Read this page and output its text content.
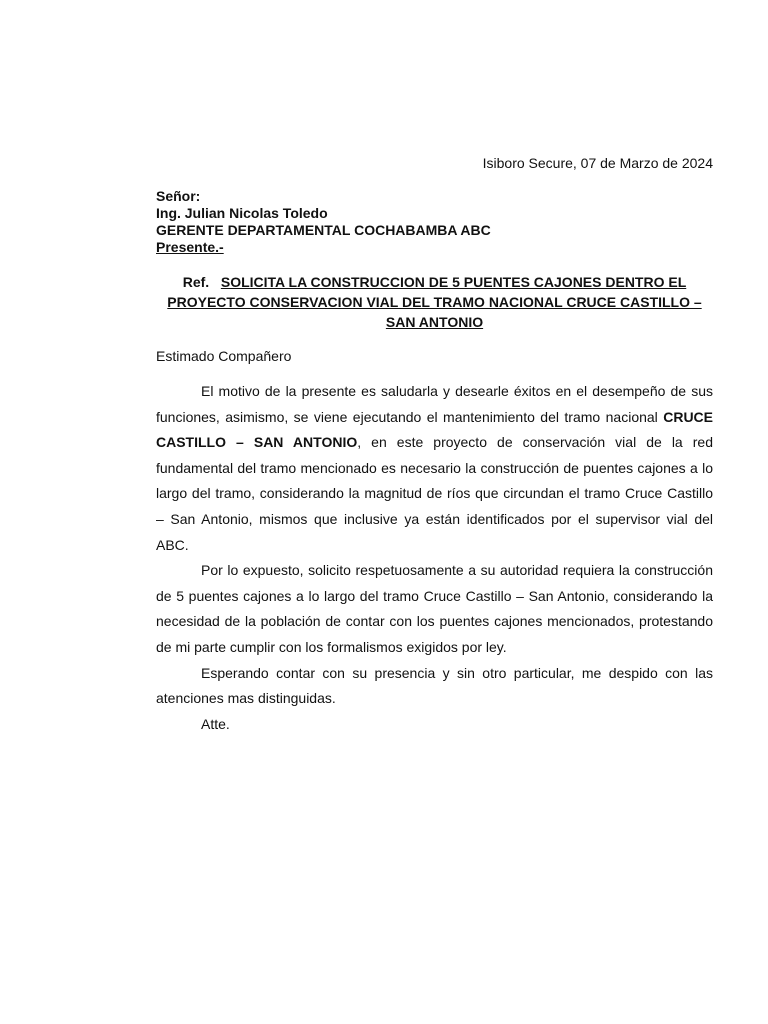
Isiboro Secure, 07 de Marzo de 2024
Señor:
Ing. Julian Nicolas Toledo
GERENTE DEPARTAMENTAL COCHABAMBA ABC
Presente.-
Ref. SOLICITA LA CONSTRUCCION DE 5 PUENTES CAJONES DENTRO EL PROYECTO CONSERVACION VIAL DEL TRAMO NACIONAL CRUCE CASTILLO – SAN ANTONIO
Estimado Compañero

El motivo de la presente es saludarla y desearle éxitos en el desempeño de sus funciones, asimismo, se viene ejecutando el mantenimiento del tramo nacional CRUCE CASTILLO – SAN ANTONIO, en este proyecto de conservación vial de la red fundamental del tramo mencionado es necesario la construcción de puentes cajones a lo largo del tramo, considerando la magnitud de ríos que circundan el tramo Cruce Castillo – San Antonio, mismos que inclusive ya están identificados por el supervisor vial del ABC.

Por lo expuesto, solicito respetuosamente a su autoridad requiera la construcción de 5 puentes cajones a lo largo del tramo Cruce Castillo – San Antonio, considerando la necesidad de la población de contar con los puentes cajones mencionados, protestando de mi parte cumplir con los formalismos exigidos por ley.

Esperando contar con su presencia y sin otro particular, me despido con las atenciones mas distinguidas.

Atte.
